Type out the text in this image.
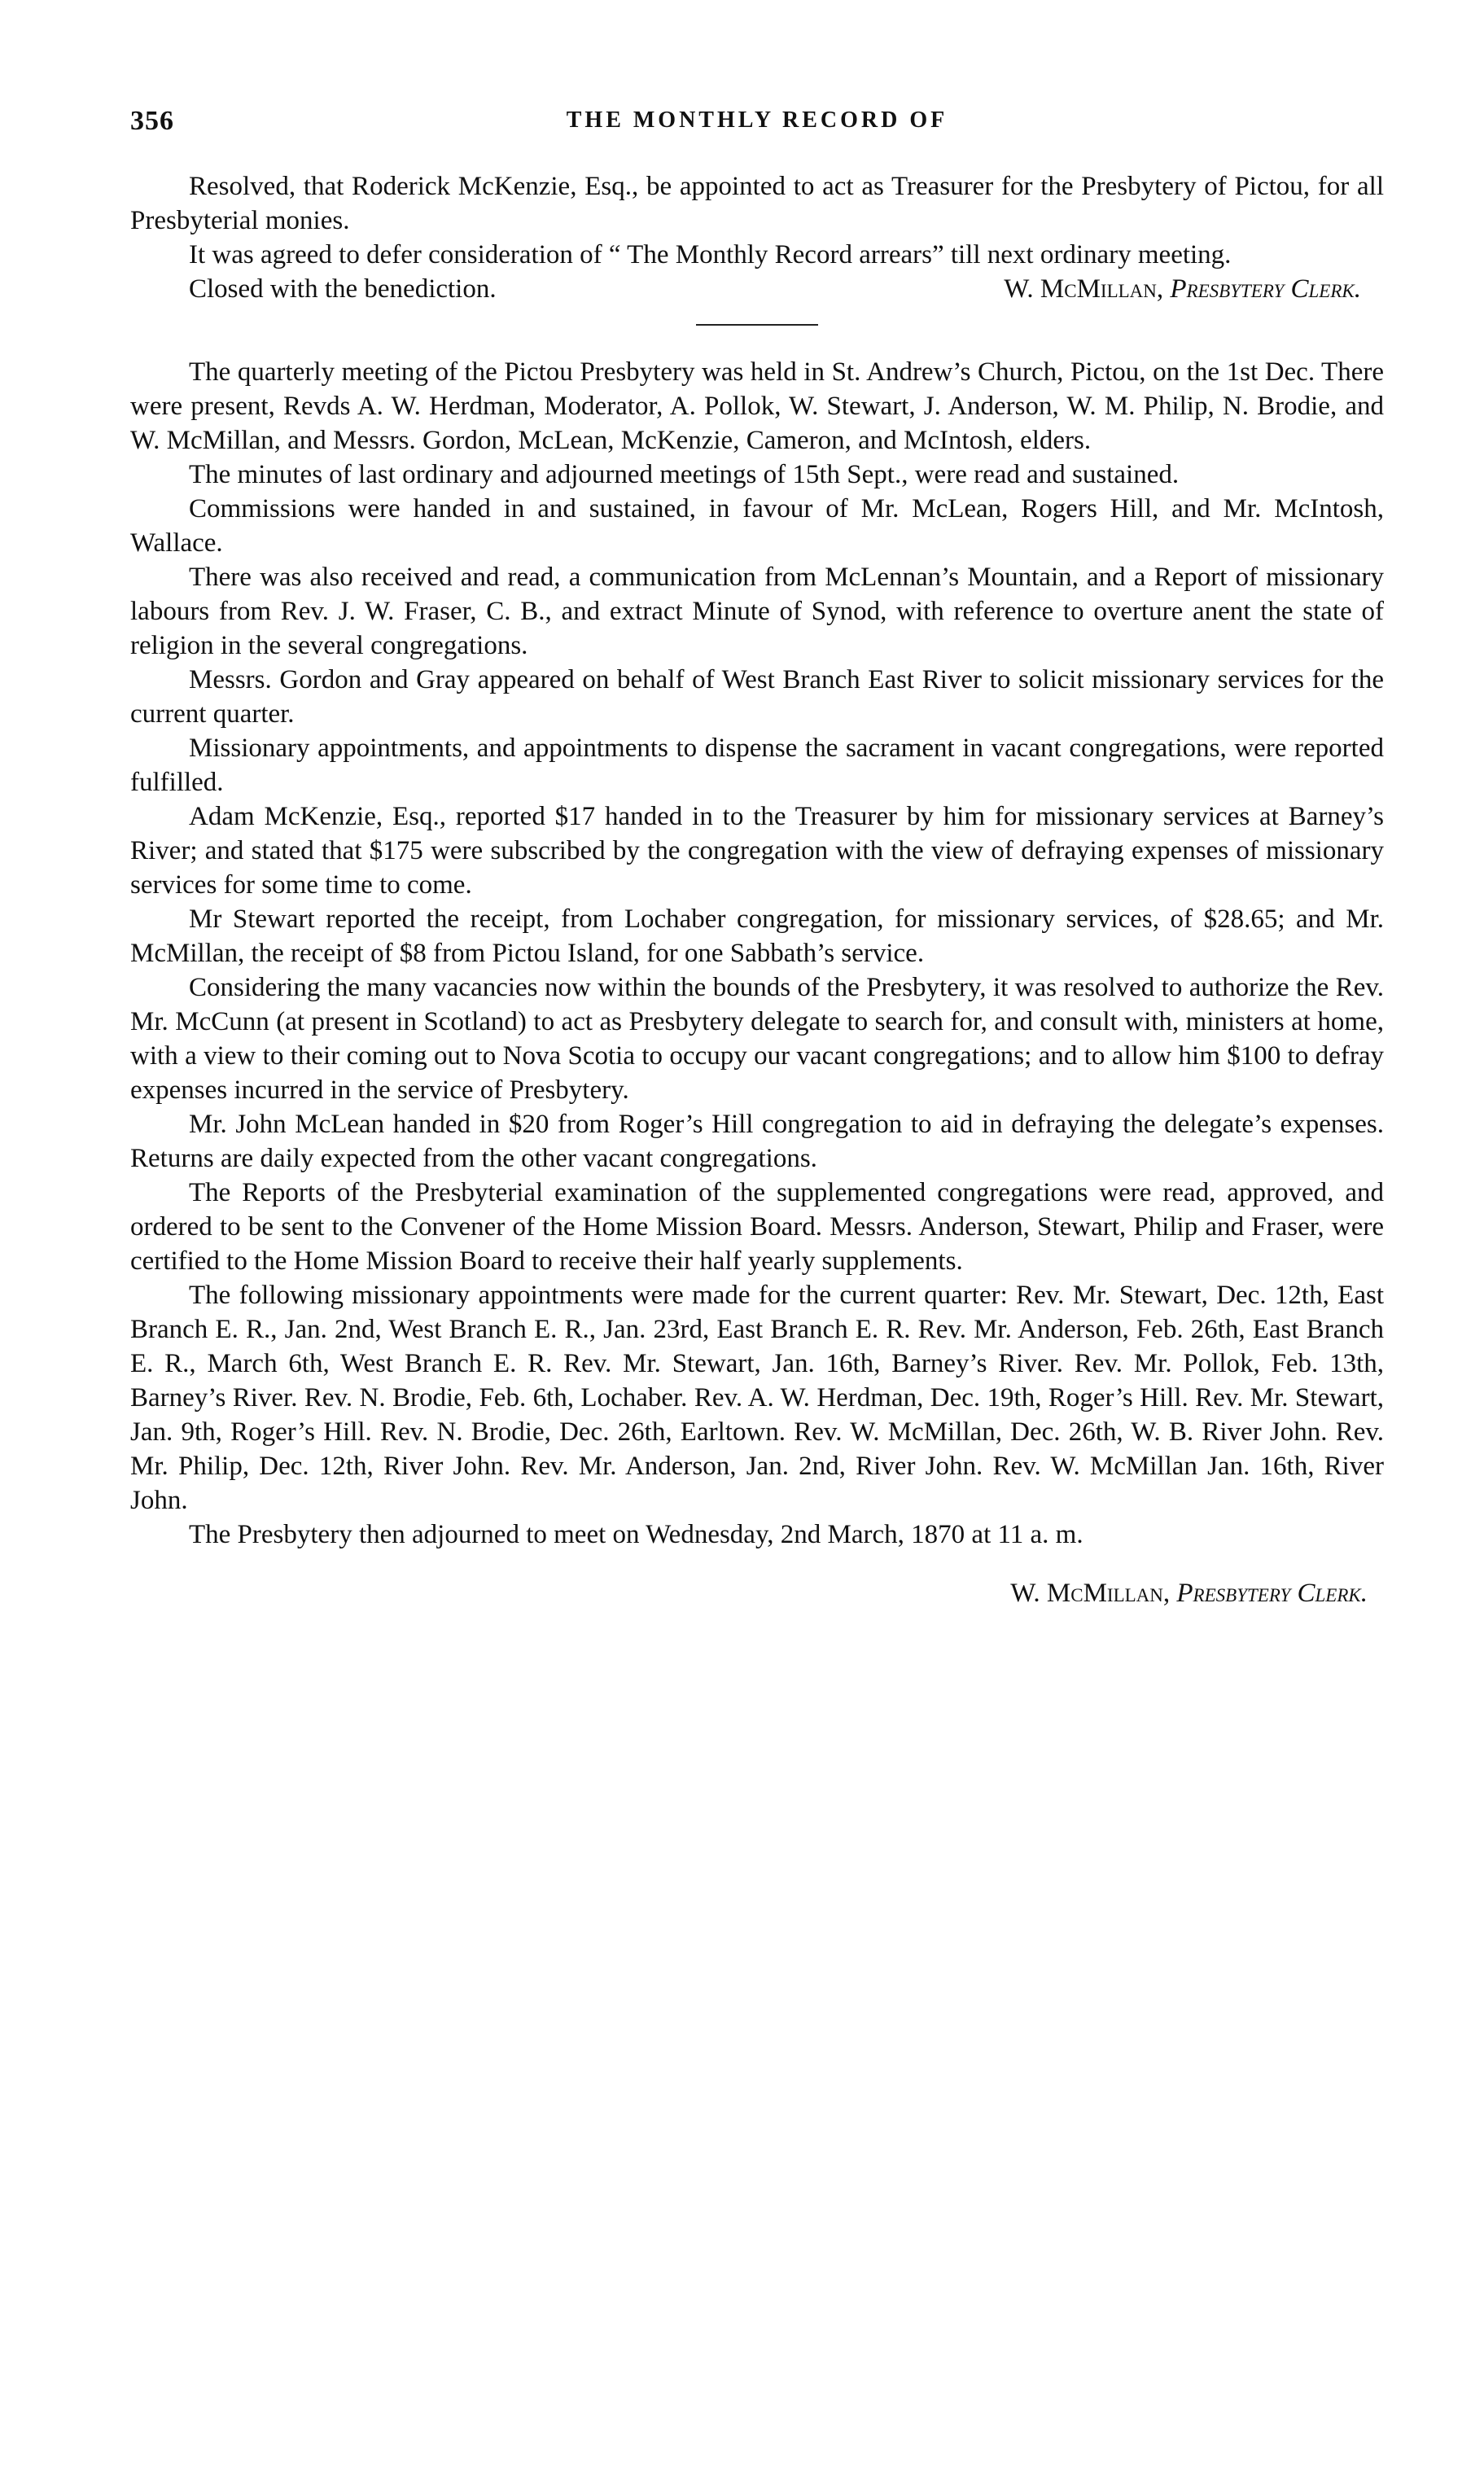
356	THE MONTHLY RECORD OF

Resolved, that Roderick McKenzie, Esq., be appointed to act as Treasurer for the Presbytery of Pictou, for all Presbyterial monies.

It was agreed to defer consideration of “ The Monthly Record arrears” till next ordinary meeting.

Closed with the benediction.	W. McMillan, Presbytery Clerk.

The quarterly meeting of the Pictou Presbytery was held in St. Andrew’s Church, Pictou, on the 1st Dec. There were present, Revds A. W. Herdman, Moderator, A. Pollok, W. Stewart, J. Anderson, W. M. Philip, N. Brodie, and W. McMillan, and Messrs. Gordon, McLean, McKenzie, Cameron, and McIntosh, elders.

The minutes of last ordinary and adjourned meetings of 15th Sept., were read and sustained.

Commissions were handed in and sustained, in favour of Mr. McLean, Rogers Hill, and Mr. McIntosh, Wallace.

There was also received and read, a communication from McLennan’s Mountain, and a Report of missionary labours from Rev. J. W. Fraser, C. B., and extract Minute of Synod, with reference to overture anent the state of religion in the several congregations.

Messrs. Gordon and Gray appeared on behalf of West Branch East River to solicit missionary services for the current quarter.

Missionary appointments, and appointments to dispense the sacrament in vacant congregations, were reported fulfilled.

Adam McKenzie, Esq., reported $17 handed in to the Treasurer by him for missionary services at Barney’s River; and stated that $175 were subscribed by the congregation with the view of defraying expenses of missionary services for some time to come.

Mr Stewart reported the receipt, from Lochaber congregation, for missionary services, of $28.65; and Mr. McMillan, the receipt of $8 from Pictou Island, for one Sabbath’s service.

Considering the many vacancies now within the bounds of the Presbytery, it was resolved to authorize the Rev. Mr. McCunn (at present in Scotland) to act as Presbytery delegate to search for, and consult with, ministers at home, with a view to their coming out to Nova Scotia to occupy our vacant congregations; and to allow him $100 to defray expenses incurred in the service of Presbytery.

Mr. John McLean handed in $20 from Roger’s Hill congregation to aid in defraying the delegate’s expenses. Returns are daily expected from the other vacant congregations.

The Reports of the Presbyterial examination of the supplemented congregations were read, approved, and ordered to be sent to the Convener of the Home Mission Board. Messrs. Anderson, Stewart, Philip and Fraser, were certified to the Home Mission Board to receive their half yearly supplements.

The following missionary appointments were made for the current quarter: Rev. Mr. Stewart, Dec. 12th, East Branch E. R., Jan. 2nd, West Branch E. R., Jan. 23rd, East Branch E. R. Rev. Mr. Anderson, Feb. 26th, East Branch E. R., March 6th, West Branch E. R. Rev. Mr. Stewart, Jan. 16th, Barney’s River. Rev. Mr. Pollok, Feb. 13th, Barney’s River. Rev. N. Brodie, Feb. 6th, Lochaber. Rev. A. W. Herdman, Dec. 19th, Roger’s Hill. Rev. Mr. Stewart, Jan. 9th, Roger’s Hill. Rev. N. Brodie, Dec. 26th, Earltown. Rev. W. McMillan, Dec. 26th, W. B. River John. Rev. Mr. Philip, Dec. 12th, River John. Rev. Mr. Anderson, Jan. 2nd, River John. Rev. W. McMillan Jan. 16th, River John.

The Presbytery then adjourned to meet on Wednesday, 2nd March, 1870 at 11 a. m.

W. McMillan, Presbytery Clerk.
